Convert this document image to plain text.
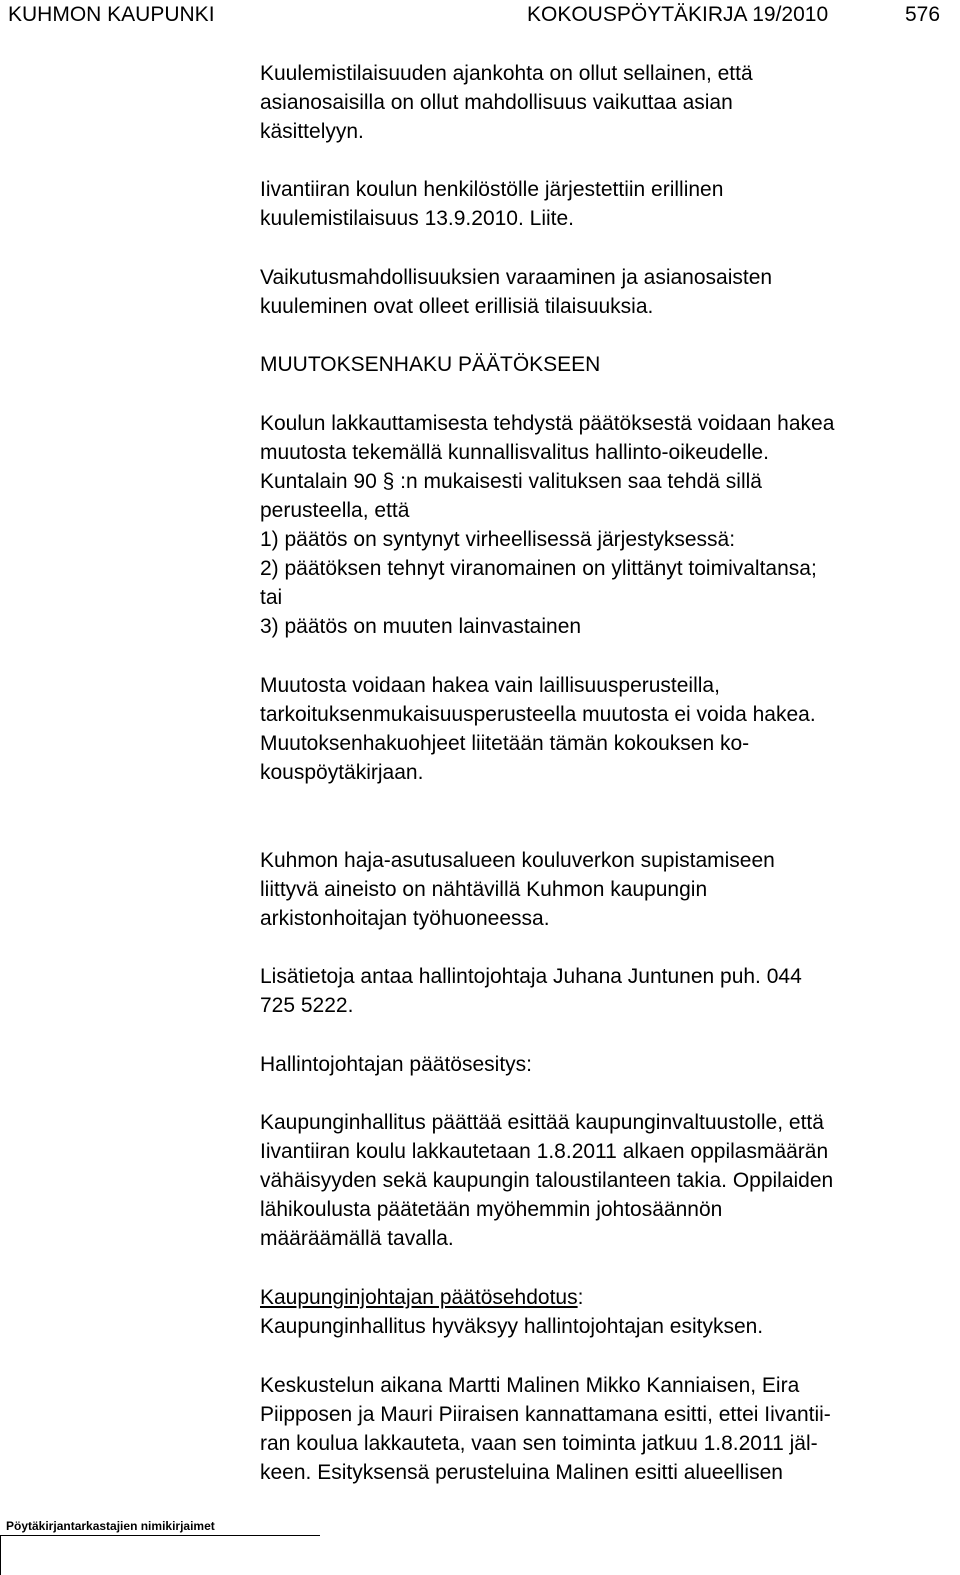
KUHMON KAUPUNKI	KOKOUSPÖYTÄKIRJA 19/2010	576
Kuulemistilaisuuden ajankohta on ollut sellainen, että
asianosaisilla on ollut mahdollisuus vaikuttaa asian
käsittelyyn.
Iivantiiran koulun henkilöstölle järjestettiin erillinen
kuulemistilaisuus 13.9.2010. Liite.
Vaikutusmahdollisuuksien varaaminen ja asianosaisten
kuuleminen ovat olleet erillisiä tilaisuuksia.
MUUTOKSENHAKU PÄÄTÖKSEEN
Koulun lakkauttamisesta tehdystä päätöksestä voidaan hakea
muutosta tekemällä kunnallisvalitus hallinto-oikeudelle.
Kuntalain 90 § :n mukaisesti valituksen saa tehdä sillä
perusteella, että
1) päätös on syntynyt virheellisessä järjestyksessä:
2) päätöksen tehnyt viranomainen on ylittänyt toimivaltansa;
tai
3) päätös on muuten lainvastainen
Muutosta voidaan hakea vain laillisuusperusteilla,
tarkoituksenmukaisuusperusteella muutosta ei voida hakea.
Muutoksenhakuohjeet liitetään tämän kokouksen ko-
kouspöytäkirjaan.
Kuhmon haja-asutusalueen kouluverkon supistamiseen
liittyvä aineisto on nähtävillä Kuhmon kaupungin
arkistonhoitajan työhuoneessa.
Lisätietoja antaa hallintojohtaja Juhana Juntunen puh. 044
725 5222.
Hallintojohtajan päätösesitys:
Kaupunginhallitus päättää esittää kaupunginvaltuustolle, että
Iivantiiran koulu lakkautetaan 1.8.2011 alkaen oppilasmäärän
vähäisyyden sekä kaupungin taloustilanteen takia. Oppilaiden
lähikoulusta päätetään myöhemmin johtosäännön
määräämällä tavalla.
Kaupunginjohtajan päätösehdotus:
Kaupunginhallitus hyväksyy hallintojohtajan esityksen.
Keskustelun aikana Martti Malinen Mikko Kanniaisen, Eira
Piipposen ja Mauri Piiraisen kannattamana esitti, ettei Iivantii-
ran koulua lakkauteta, vaan sen toiminta jatkuu 1.8.2011 jäl-
keen. Esityksensä perusteluina Malinen esitti alueellisen
Pöytäkirjantarkastajien nimikirjaimet
